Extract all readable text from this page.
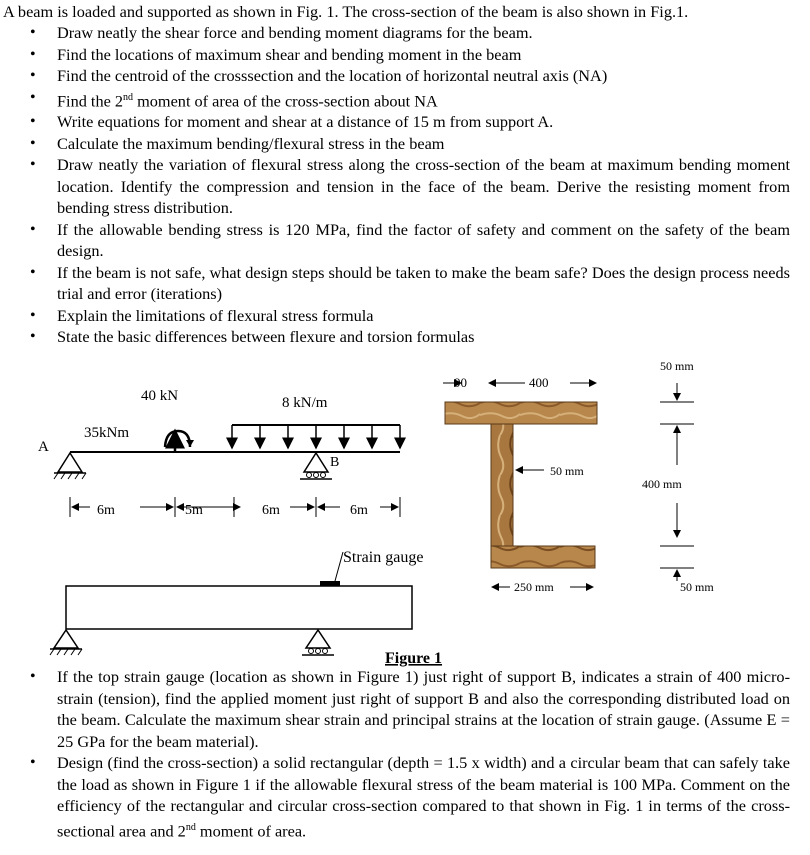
A beam is loaded and supported as shown in Fig. 1. The cross-section of the beam is also shown in Fig.1.

• Draw neatly the shear force and bending moment diagrams for the beam.
• Find the locations of maximum shear and bending moment in the beam
• Find the centroid of the crosssection and the location of horizontal neutral axis (NA)
• Find the 2nd moment of area of the cross-section about NA
• Write equations for moment and shear at a distance of 15 m from support A.
• Calculate the maximum bending/flexural stress in the beam
• Draw neatly the variation of flexural stress along the cross-section of the beam at maximum bending moment location. Identify the compression and tension in the face of the beam. Derive the resisting moment from bending stress distribution.
• If the allowable bending stress is 120 MPa, find the factor of safety and comment on the safety of the beam design.
• If the beam is not safe, what design steps should be taken to make the beam safe? Does the design process needs trial and error (iterations)
• Explain the limitations of flexural stress formula
• State the basic differences between flexure and torsion formulas
8 kN/m
40 kN
35kNm
A
B
6m	5m	6m	6m
Strain gauge
Figure 1
90	400
50 mm
250 mm
50 mm
400 mm
50 mm
• If the top strain gauge (location as shown in Figure 1) just right of support B, indicates a strain of 400 micro-strain (tension), find the applied moment just right of support B and also the corresponding distributed load on the beam. Calculate the maximum shear strain and principal strains at the location of strain gauge. (Assume E = 25 GPa for the beam material).
• Design (find the cross-section) a solid rectangular (depth = 1.5 x width) and a circular beam that can safely take the load as shown in Figure 1 if the allowable flexural stress of the beam material is 100 MPa. Comment on the efficiency of the rectangular and circular cross-section compared to that shown in Fig. 1 in terms of the cross-sectional area and 2nd moment of area.
